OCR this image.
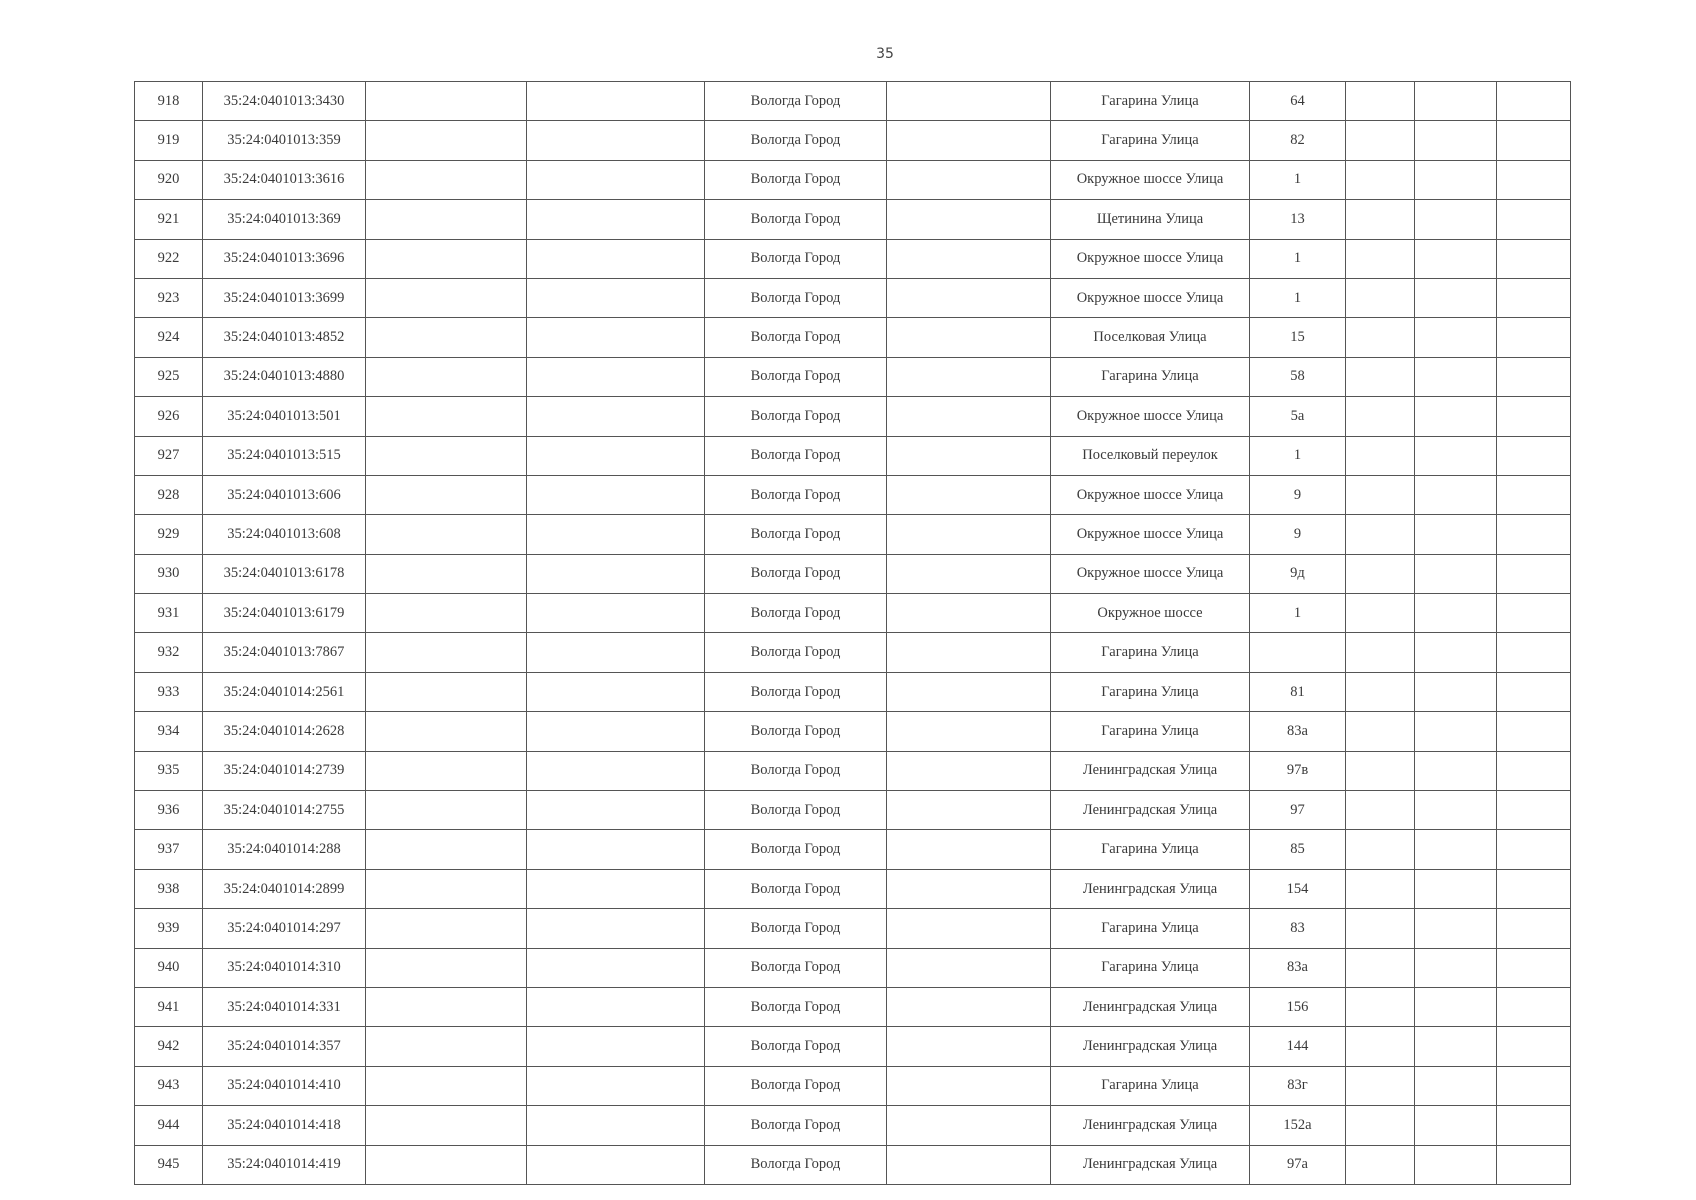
35
918	35:24:0401013:3430			Вологда Город		Гагарина Улица	64			
919	35:24:0401013:359			Вологда Город		Гагарина Улица	82			
920	35:24:0401013:3616			Вологда Город		Окружное шоссе Улица	1			
921	35:24:0401013:369			Вологда Город		Щетинина Улица	13			
922	35:24:0401013:3696			Вологда Город		Окружное шоссе Улица	1			
923	35:24:0401013:3699			Вологда Город		Окружное шоссе Улица	1			
924	35:24:0401013:4852			Вологда Город		Поселковая Улица	15			
925	35:24:0401013:4880			Вологда Город		Гагарина Улица	58			
926	35:24:0401013:501			Вологда Город		Окружное шоссе Улица	5а			
927	35:24:0401013:515			Вологда Город		Поселковый переулок	1			
928	35:24:0401013:606			Вологда Город		Окружное шоссе Улица	9			
929	35:24:0401013:608			Вологда Город		Окружное шоссе Улица	9			
930	35:24:0401013:6178			Вологда Город		Окружное шоссе Улица	9д			
931	35:24:0401013:6179			Вологда Город		Окружное шоссе	1			
932	35:24:0401013:7867			Вологда Город		Гагарина Улица				
933	35:24:0401014:2561			Вологда Город		Гагарина Улица	81			
934	35:24:0401014:2628			Вологда Город		Гагарина Улица	83а			
935	35:24:0401014:2739			Вологда Город		Ленинградская Улица	97в			
936	35:24:0401014:2755			Вологда Город		Ленинградская Улица	97			
937	35:24:0401014:288			Вологда Город		Гагарина Улица	85			
938	35:24:0401014:2899			Вологда Город		Ленинградская Улица	154			
939	35:24:0401014:297			Вологда Город		Гагарина Улица	83			
940	35:24:0401014:310			Вологда Город		Гагарина Улица	83а			
941	35:24:0401014:331			Вологда Город		Ленинградская Улица	156			
942	35:24:0401014:357			Вологда Город		Ленинградская Улица	144			
943	35:24:0401014:410			Вологда Город		Гагарина Улица	83г			
944	35:24:0401014:418			Вологда Город		Ленинградская Улица	152а			
945	35:24:0401014:419			Вологда Город		Ленинградская Улица	97а			
